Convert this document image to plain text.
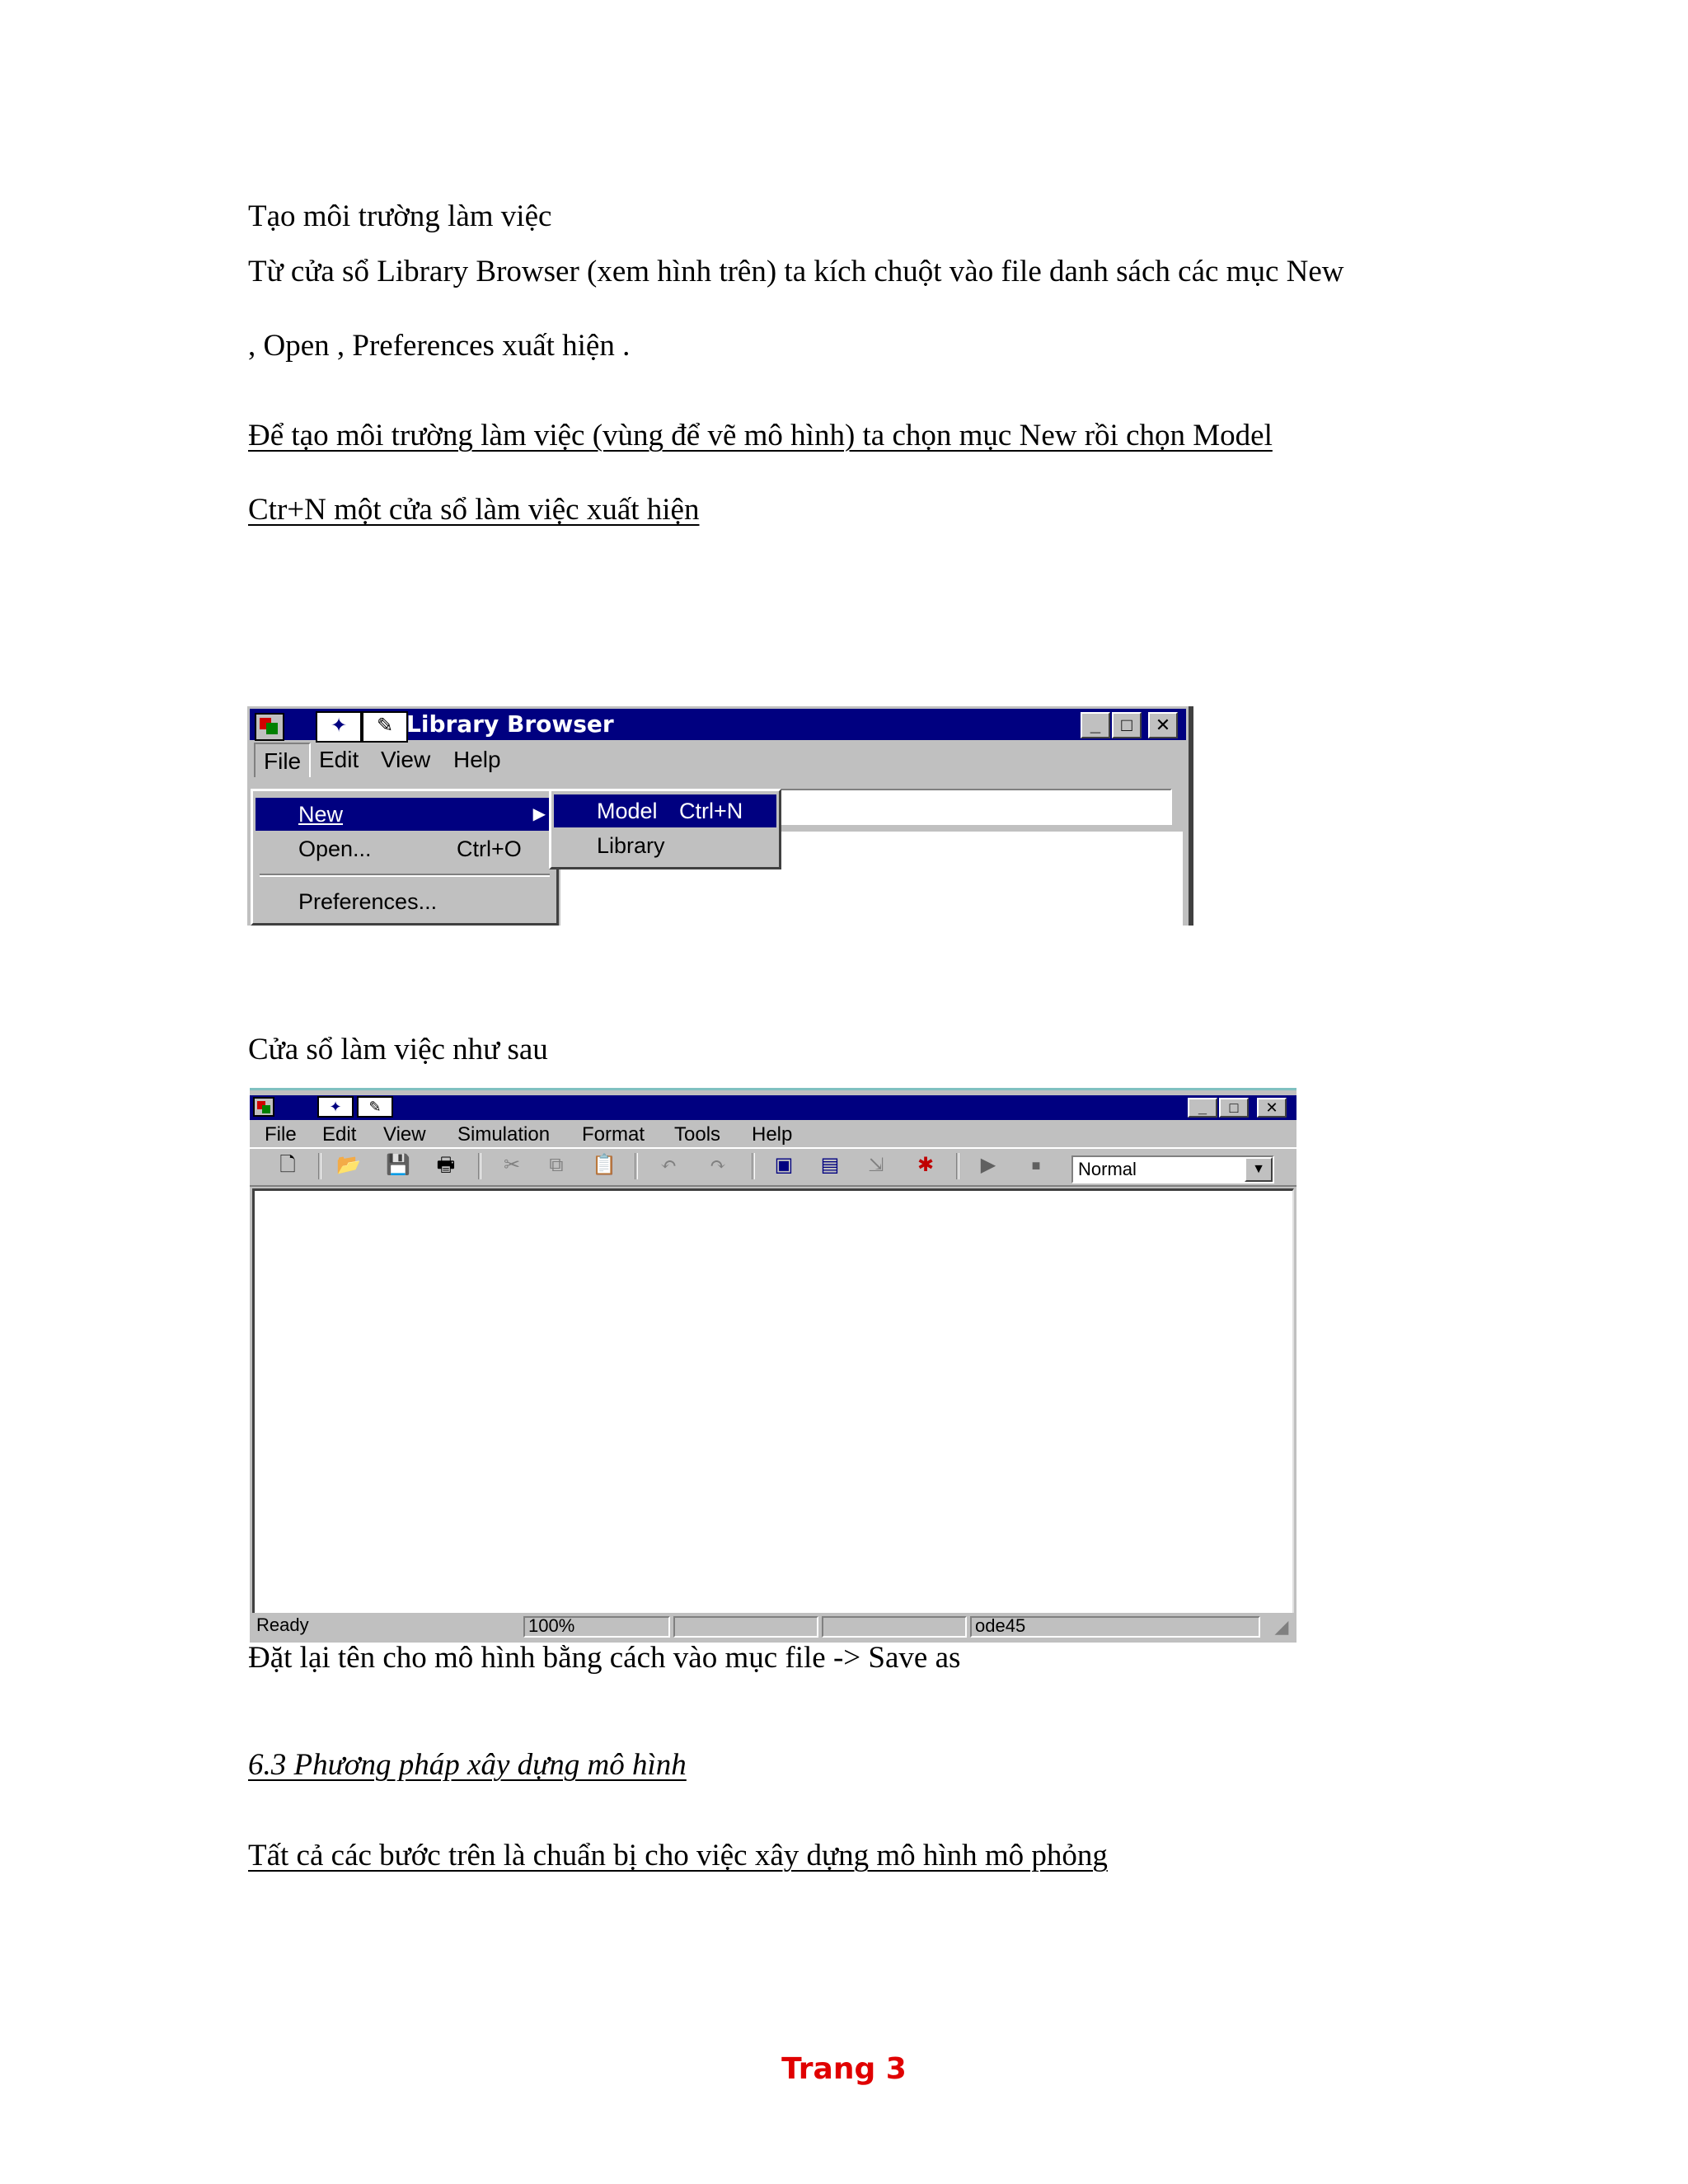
Tạo môi trường làm việc

Từ cửa sổ Library Browser (xem hình trên) ta kích chuột vào file danh sách các mục New

, Open , Preferences xuất hiện .

Để tạo môi trường làm việc (vùng để vẽ mô hình) ta chọn mục New rồi chọn Model

Ctr+N một cửa sổ làm việc xuất hiện

✦	✎ Library Browser	_	□	✕
File Edit View Help
New	▶
Open...	Ctrl+O
Preferences...
Model Ctrl+N
Library

Cửa sổ làm việc như sau

✦	✎	_	□	✕
File Edit View Simulation Format Tools Help
🗋	📂 💾	🖶	✂	⧉	📋	↶	↷	▣	▤	⇲	✱	▶	■	Normal	▼
Ready	100%	ode45	◢

Đặt lại tên cho mô hình bằng cách vào mục file -> Save as

6.3 Phương pháp xây dựng mô hình

Tất cả các bước trên là chuẩn bị cho việc xây dựng mô hình mô phỏng

Trang 3
